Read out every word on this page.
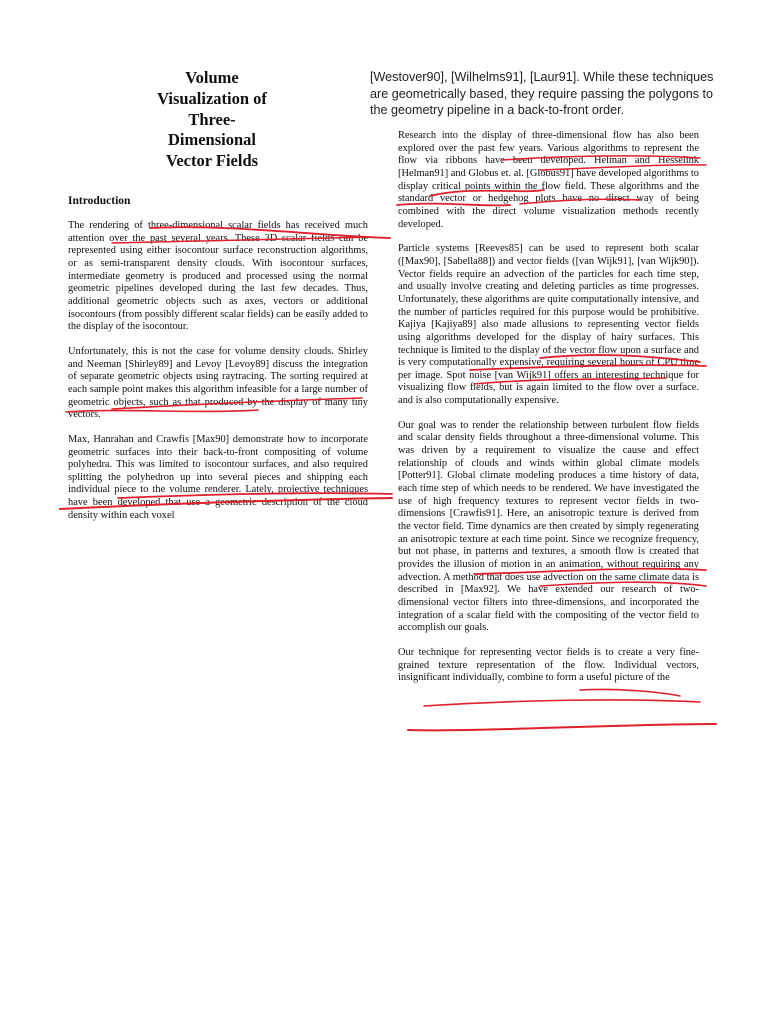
Volume
Visualization of
Three-
Dimensional
Vector Fields
Introduction

[Westover90], [Wilhelms91], [Laur91]. While these techniques are geometrically based, they require passing the polygons to the geometry pipeline in a back-to-front order.

The rendering of three-dimensional scalar fields has received much attention over the past several years. These 3D scalar fields can be represented using either isocontour surface reconstruction algorithms, or as semi-transparent density clouds. With isocontour surfaces, intermediate geometry is produced and processed using the normal geometric pipelines developed during the last few decades. Thus, additional geometric objects such as axes, vectors or additional isocontours (from possibly different scalar fields) can be easily added to the display of the isocontour.

Unfortunately, this is not the case for volume density clouds. Shirley and Neeman [Shirley89] and Levoy [Levoy89] discuss the integration of separate geometric objects using raytracing. The sorting required at each sample point makes this algorithm infeasible for a large number of geometric objects, such as that produced by the display of many tiny vectors.

Max, Hanrahan and Crawfis [Max90] demonstrate how to incorporate geometric surfaces into their back-to-front compositing of volume polyhedra. This was limited to isocontour surfaces, and also required splitting the polyhedron up into several pieces and shipping each individual piece to the volume renderer. Lately, projective techniques have been developed that use a geometric description of the cloud density within each voxel

Research into the display of three-dimensional flow has also been explored over the past few years. Various algorithms to represent the flow via ribbons have been developed. Helman and Hesselink [Helman91] and Globus et. al. [Globus91] have developed algorithms to display critical points within the flow field. These algorithms and the standard vector or hedgehog plots have no direct way of being combined with the direct volume visualization methods recently developed.

Particle systems [Reeves85] can be used to represent both scalar ([Max90], [Sabella88]) and vector fields ([van Wijk91], [van Wijk90]). Vector fields require an advection of the particles for each time step, and usually involve creating and deleting particles as time progresses. Unfortunately, these algorithms are quite computationally intensive, and the number of particles required for this purpose would be prohibitive. Kajiya [Kajiya89] also made allusions to representing vector fields using algorithms developed for the display of hairy surfaces. This technique is limited to the display of the vector flow upon a surface and is very computationally expensive, requiring several hours of CPU time per image. Spot noise [van Wijk91] offers an interesting technique for visualizing flow fields, but is again limited to the flow over a surface. and is also computationally expensive.

Our goal was to render the relationship between turbulent flow fields and scalar density fields throughout a three-dimensional volume. This was driven by a requirement to visualize the cause and effect relationship of clouds and winds within global climate models [Potter91]. Global climate modeling produces a time history of data, each time step of which needs to be rendered. We have investigated the use of high frequency textures to represent vector fields in two-dimensions [Crawfis91]. Here, an anisotropic texture is derived from the vector field. Time dynamics are then created by simply regenerating an anisotropic texture at each time point. Since we recognize frequency, but not phase, in patterns and textures, a smooth flow is created that provides the illusion of motion in an animation, without requiring any advection. A method that does use advection on the same climate data is described in [Max92]. We have extended our research of two-dimensional vector filters into three-dimensions, and incorporated the integration of a scalar field with the compositing of the vector field to accomplish our goals.

Our technique for representing vector fields is to create a very fine-grained texture representation of the flow. Individual vectors, insignificant individually, combine to form a useful picture of the
